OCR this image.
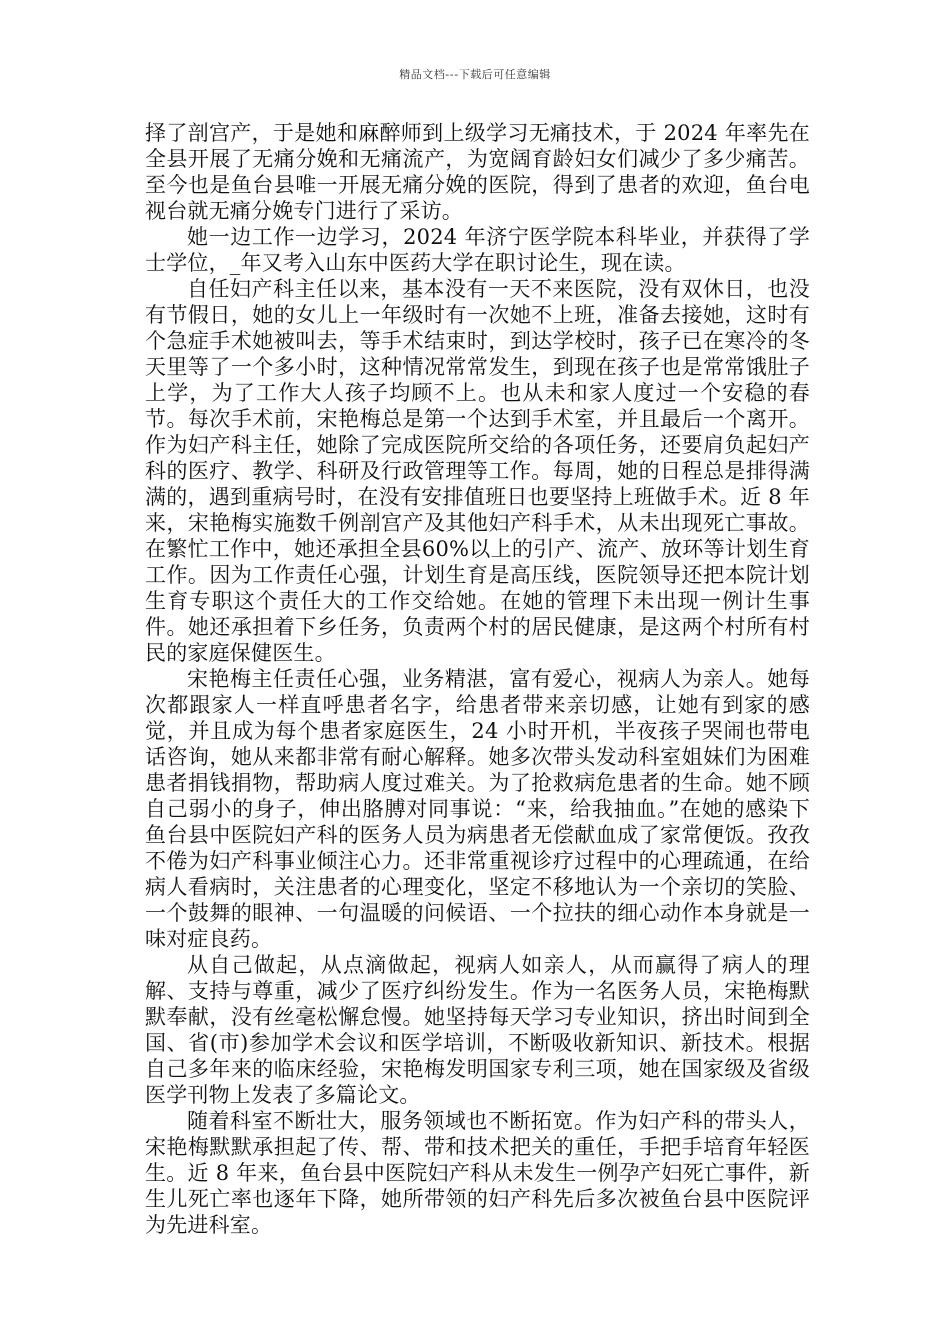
精品文档---下载后可任意编辑

择了剖宫产，于是她和麻醉师到上级学习无痛技术，于 2024 年率先在全县开展了无痛分娩和无痛流产，为宽阔育龄妇女们减少了多少痛苦。至今也是鱼台县唯一开展无痛分娩的医院，得到了患者的欢迎，鱼台电视台就无痛分娩专门进行了采访。

她一边工作一边学习，2024 年济宁医学院本科毕业，并获得了学士学位，_年又考入山东中医药大学在职讨论生，现在读。

自任妇产科主任以来，基本没有一天不来医院，没有双休日，也没有节假日，她的女儿上一年级时有一次她不上班，准备去接她，这时有个急症手术她被叫去，等手术结束时，到达学校时，孩子已在寒冷的冬天里等了一个多小时，这种情况常常发生，到现在孩子也是常常饿肚子上学，为了工作大人孩子均顾不上。也从未和家人度过一个安稳的春节。每次手术前，宋艳梅总是第一个达到手术室，并且最后一个离开。作为妇产科主任，她除了完成医院所交给的各项任务，还要肩负起妇产科的医疗、教学、科研及行政管理等工作。每周，她的日程总是排得满满的，遇到重病号时，在没有安排值班日也要坚持上班做手术。近 8 年来，宋艳梅实施数千例剖宫产及其他妇产科手术，从未出现死亡事故。在繁忙工作中，她还承担全县60%以上的引产、流产、放环等计划生育工作。因为工作责任心强，计划生育是高压线，医院领导还把本院计划生育专职这个责任大的工作交给她。在她的管理下未出现一例计生事件。她还承担着下乡任务，负责两个村的居民健康，是这两个村所有村民的家庭保健医生。

宋艳梅主任责任心强，业务精湛，富有爱心，视病人为亲人。她每次都跟家人一样直呼患者名字，给患者带来亲切感，让她有到家的感觉，并且成为每个患者家庭医生，24 小时开机，半夜孩子哭闹也带电话咨询，她从来都非常有耐心解释。她多次带头发动科室姐妹们为困难患者捐钱捐物，帮助病人度过难关。为了抢救病危患者的生命。她不顾自己弱小的身子，伸出胳膊对同事说：“来，给我抽血。”在她的感染下鱼台县中医院妇产科的医务人员为病患者无偿献血成了家常便饭。孜孜不倦为妇产科事业倾注心力。还非常重视诊疗过程中的心理疏通，在给病人看病时，关注患者的心理变化，坚定不移地认为一个亲切的笑脸、一个鼓舞的眼神、一句温暖的问候语、一个拉扶的细心动作本身就是一味对症良药。

从自己做起，从点滴做起，视病人如亲人，从而赢得了病人的理解、支持与尊重，减少了医疗纠纷发生。作为一名医务人员，宋艳梅默默奉献，没有丝毫松懈怠慢。她坚持每天学习专业知识，挤出时间到全国、省(市)参加学术会议和医学培训，不断吸收新知识、新技术。根据自己多年来的临床经验，宋艳梅发明国家专利三项，她在国家级及省级医学刊物上发表了多篇论文。

随着科室不断壮大，服务领域也不断拓宽。作为妇产科的带头人，宋艳梅默默承担起了传、帮、带和技术把关的重任，手把手培育年轻医生。近 8 年来，鱼台县中医院妇产科从未发生一例孕产妇死亡事件，新生儿死亡率也逐年下降，她所带领的妇产科先后多次被鱼台县中医院评为先进科室。
